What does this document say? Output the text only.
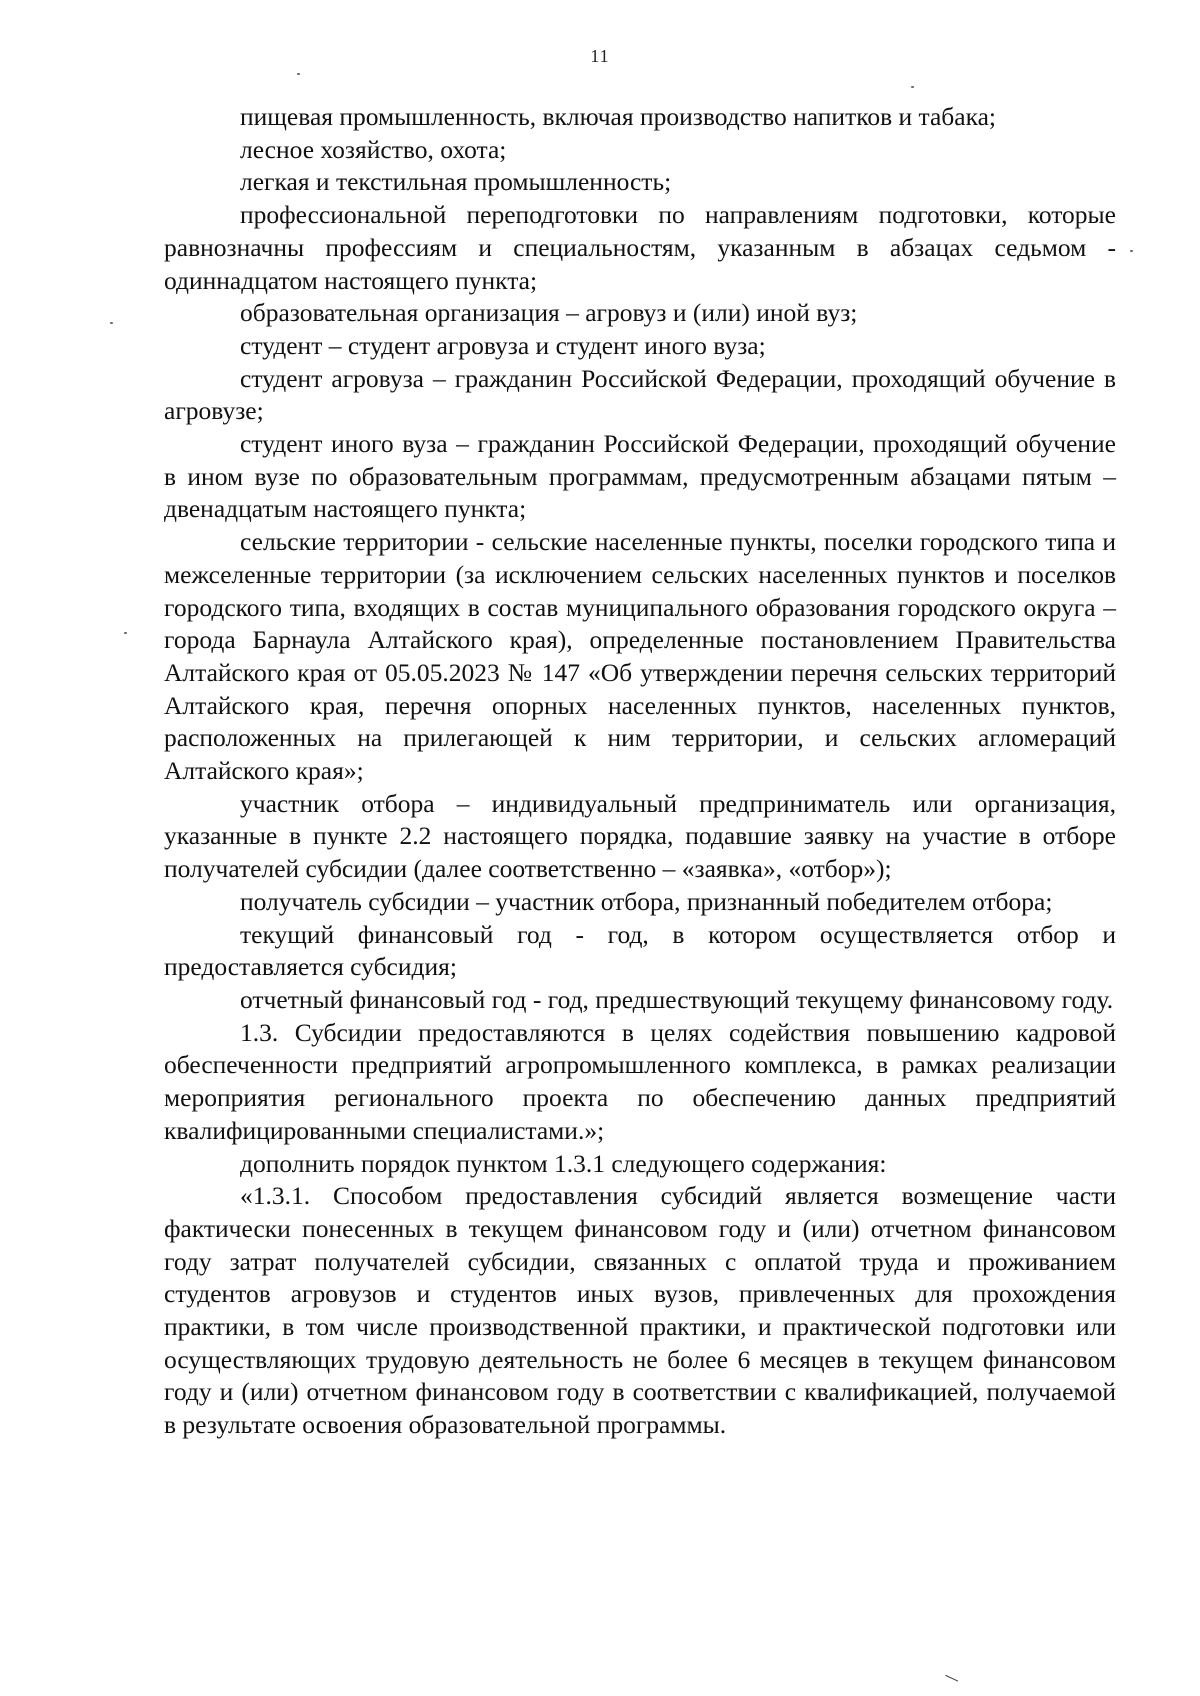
11

пищевая промышленность, включая производство напитков и табака;

лесное хозяйство, охота;

легкая и текстильная промышленность;

профессиональной переподготовки по направлениям подготовки, которые равнозначны профессиям и специальностям, указанным в абзацах седьмом - одиннадцатом настоящего пункта;

образовательная организация – агровуз и (или) иной вуз;

студент – студент агровуза и студент иного вуза;

студент агровуза – гражданин Российской Федерации, проходящий обучение в агровузе;

студент иного вуза – гражданин Российской Федерации, проходящий обучение в ином вузе по образовательным программам, предусмотренным абзацами пятым – двенадцатым настоящего пункта;

сельские территории - сельские населенные пункты, поселки городского типа и межселенные территории (за исключением сельских населенных пунктов и поселков городского типа, входящих в состав муниципального образования городского округа – города Барнаула Алтайского края), определенные постановлением Правительства Алтайского края от 05.05.2023 № 147 «Об утверждении перечня сельских территорий Алтайского края, перечня опорных населенных пунктов, населенных пунктов, расположенных на прилегающей к ним территории, и сельских агломераций Алтайского края»;

участник отбора – индивидуальный предприниматель или организация, указанные в пункте 2.2 настоящего порядка, подавшие заявку на участие в отборе получателей субсидии (далее соответственно – «заявка», «отбор»);

получатель субсидии – участник отбора, признанный победителем отбора;

текущий финансовый год - год, в котором осуществляется отбор и предоставляется субсидия;

отчетный финансовый год - год, предшествующий текущему финансовому году.

1.3. Субсидии предоставляются в целях содействия повышению кадровой обеспеченности предприятий агропромышленного комплекса, в рамках реализации мероприятия регионального проекта по обеспечению данных предприятий квалифицированными специалистами.»;

дополнить порядок пунктом 1.3.1 следующего содержания:

«1.3.1. Способом предоставления субсидий является возмещение части фактически понесенных в текущем финансовом году и (или) отчетном финансовом году затрат получателей субсидии, связанных с оплатой труда и проживанием студентов агровузов и студентов иных вузов, привлеченных для прохождения практики, в том числе производственной практики, и практической подготовки или осуществляющих трудовую деятельность не более 6 месяцев в текущем финансовом году и (или) отчетном финансовом году в соответствии с квалификацией, получаемой в результате освоения образовательной программы.
